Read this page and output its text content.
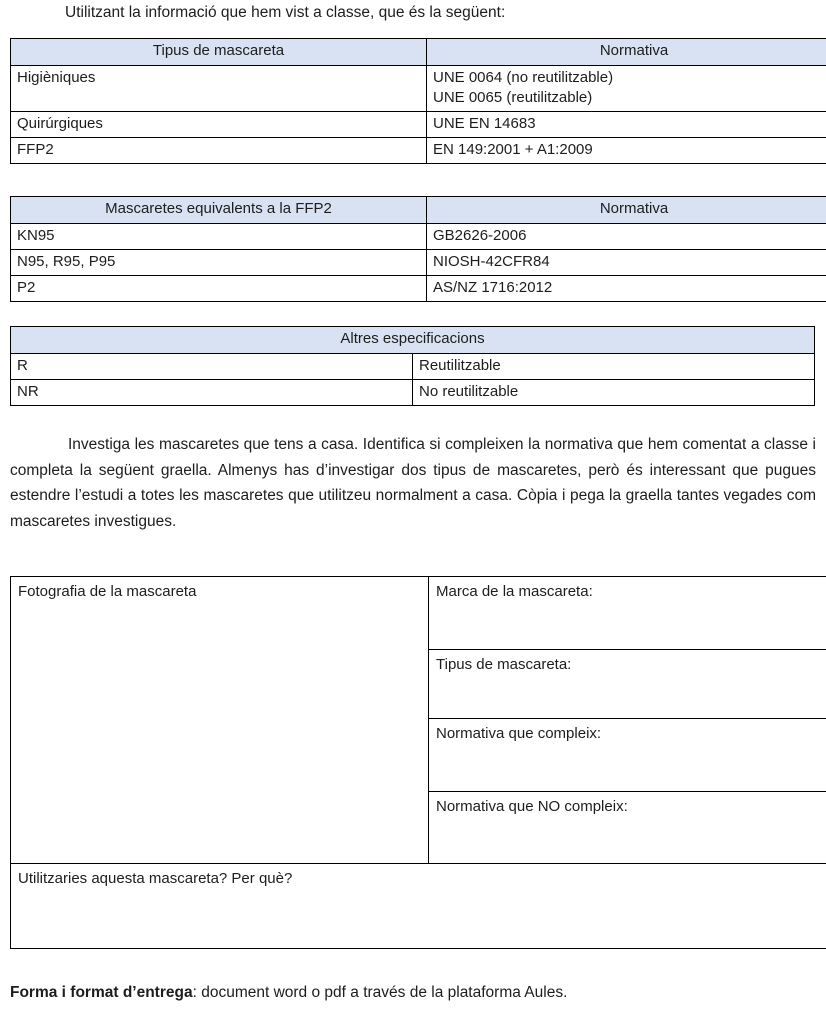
Utilitzant la informació que hem vist a classe, que és la següent:
Tipus de mascareta	Normativa
Higièniques	UNE 0064 (no reutilitzable)
UNE 0065 (reutilitzable)

Quirúrgiques	UNE EN 14683
FFP2	EN 149:2001 + A1:2009
Mascaretes equivalents a la FFP2	Normativa
KN95	GB2626-2006
N95, R95, P95	NIOSH-42CFR84
P2	AS/NZ 1716:2012
Altres especificacions	
R	Reutilitzable
NR	No reutilitzable
Investiga les mascaretes que tens a casa. Identifica si compleixen la normativa que hem comentat a classe i completa la següent graella. Almenys has d’investigar dos tipus de mascaretes, però és interessant que pugues estendre l’estudi a totes les mascaretes que utilitzeu normalment a casa. Còpia i pega la graella tantes vegades com mascaretes investigues.
Fotografia de la mascareta	Marca de la mascareta:
Tipus de mascareta:
Normativa que compleix:
Normativa que NO compleix:
Utilitzaries aquesta mascareta? Per què?
Forma i format d’entrega: document word o pdf a través de la plataforma Aules.
